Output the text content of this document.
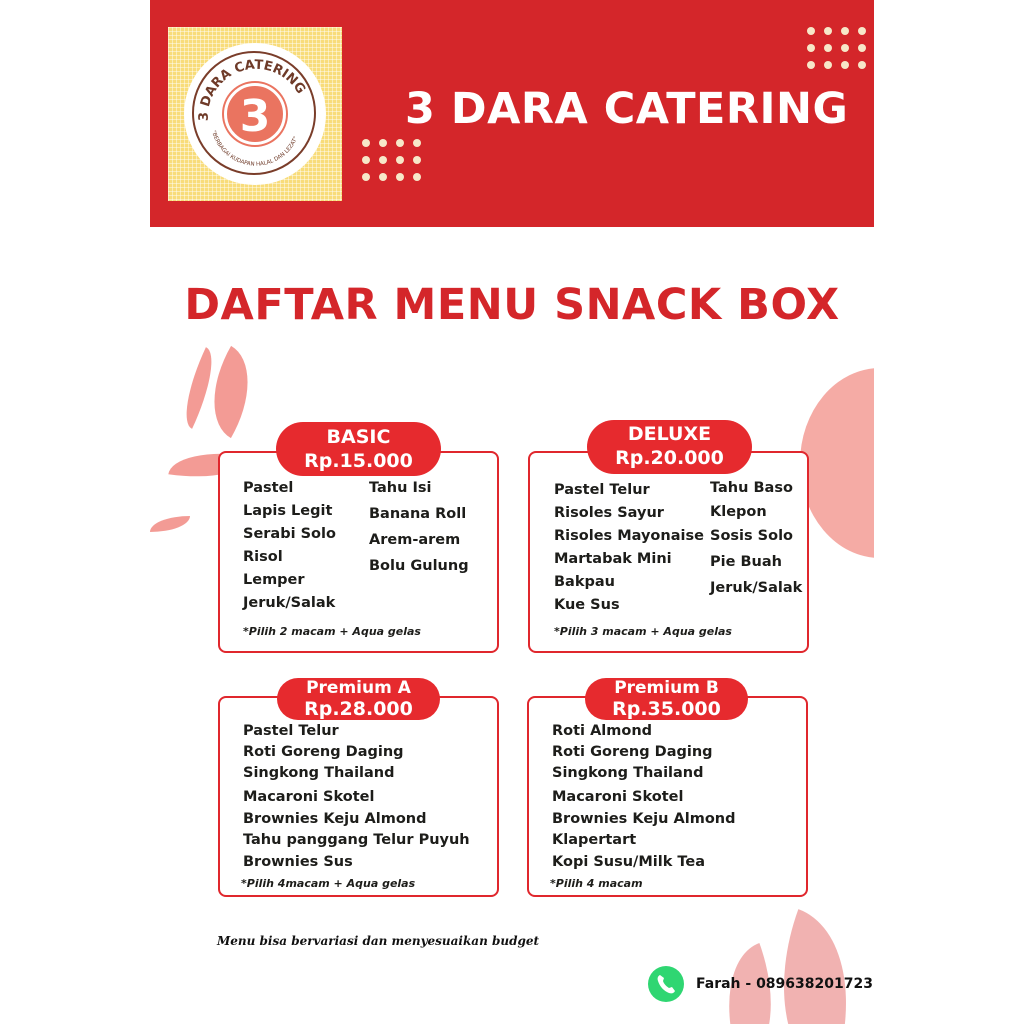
3 DARA CATERING
"BERBAGAI KUDAPAN HALAL DAN LEZAT"
3	3 DARA CATERING
DAFTAR MENU SNACK BOX
BASIC
Rp.15.000
Pastel
Lapis Legit
Serabi Solo
Risol
Lemper
Jeruk/Salak
Tahu Isi
Banana Roll
Arem-arem
Bolu Gulung
*Pilih 2 macam + Aqua gelas
DELUXE
Rp.20.000
Pastel Telur
Risoles Sayur
Risoles Mayonaise
Martabak Mini
Bakpau
Kue Sus
Tahu Baso
Klepon
Sosis Solo
Pie Buah
Jeruk/Salak
*Pilih 3 macam + Aqua gelas
Premium A
Rp.28.000
Pastel Telur
Roti Goreng Daging
Singkong Thailand
Macaroni Skotel
Brownies Keju Almond
Tahu panggang Telur Puyuh
Brownies Sus
*Pilih 4macam + Aqua gelas
Premium B
Rp.35.000
Roti Almond
Roti Goreng Daging
Singkong Thailand
Macaroni Skotel
Brownies Keju Almond
Klapertart
Kopi Susu/Milk Tea
*Pilih 4 macam
Menu bisa bervariasi dan menyesuaikan budget
Farah - 089638201723
